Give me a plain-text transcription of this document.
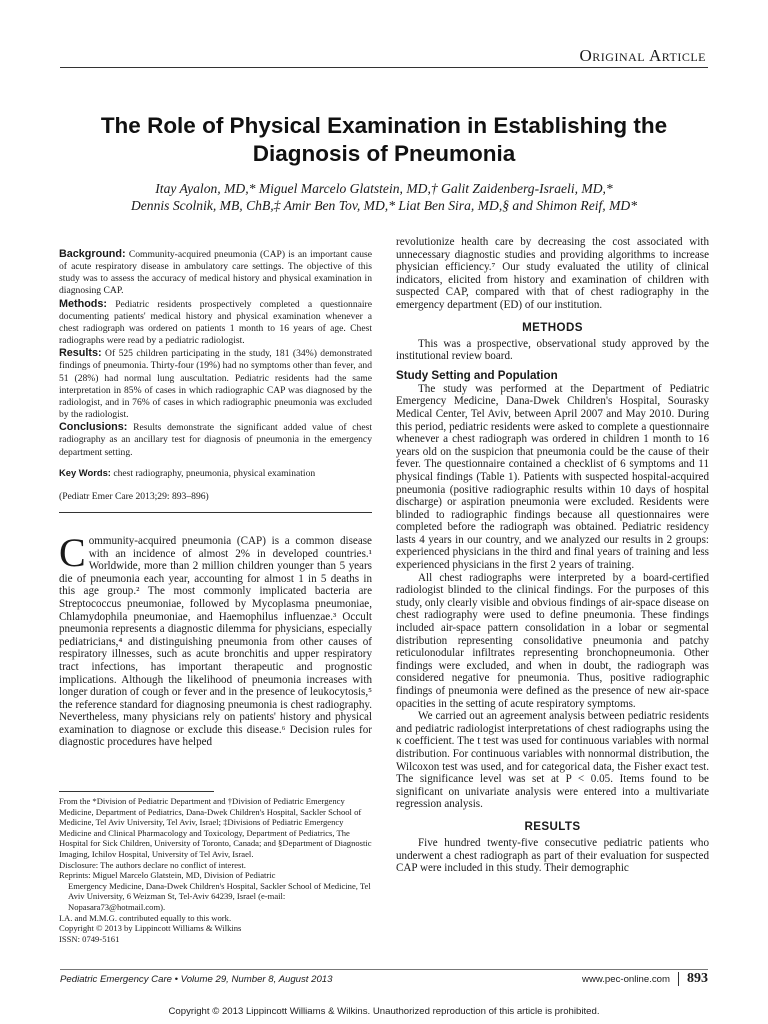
Original Article
The Role of Physical Examination in Establishing the Diagnosis of Pneumonia
Itay Ayalon, MD,* Miguel Marcelo Glatstein, MD,† Galit Zaidenberg-Israeli, MD,*
Dennis Scolnik, MB, ChB,‡ Amir Ben Tov, MD,* Liat Ben Sira, MD,§ and Shimon Reif, MD*

Background: Community-acquired pneumonia (CAP) is an important cause of acute respiratory disease in ambulatory care settings. The objective of this study was to assess the accuracy of medical history and physical examination in diagnosing CAP.

Methods: Pediatric residents prospectively completed a questionnaire documenting patients' medical history and physical examination whenever a chest radiograph was ordered on patients 1 month to 16 years of age. Chest radiographs were read by a pediatric radiologist.

Results: Of 525 children participating in the study, 181 (34%) demonstrated findings of pneumonia. Thirty-four (19%) had no symptoms other than fever, and 51 (28%) had normal lung auscultation. Pediatric residents had the same interpretation in 85% of cases in which radiographic CAP was diagnosed by the radiologist, and in 76% of cases in which radiographic pneumonia was excluded by the radiologist.

Conclusions: Results demonstrate the significant added value of chest radiography as an ancillary test for diagnosis of pneumonia in the emergency department setting.

Key Words: chest radiography, pneumonia, physical examination

(Pediatr Emer Care 2013;29: 893–896)

C ommunity-acquired pneumonia (CAP) is a common disease with an incidence of almost 2% in developed countries.¹ Worldwide, more than 2 million children younger than 5 years die of pneumonia each year, accounting for almost 1 in 5 deaths in this age group.² The most commonly implicated bacteria are Streptococcus pneumoniae, followed by Mycoplasma pneumoniae, Chlamydophila pneumoniae, and Haemophilus influenzae.³ Occult pneumonia represents a diagnostic dilemma for physicians, especially pediatricians,⁴ and distinguishing pneumonia from other causes of respiratory illnesses, such as acute bronchitis and upper respiratory tract infections, has important therapeutic and prognostic implications. Although the likelihood of pneumonia increases with longer duration of cough or fever and in the presence of leukocytosis,⁵ the reference standard for diagnosing pneumonia is chest radiography. Nevertheless, many physicians rely on patients' history and physical examination to diagnose or exclude this disease.⁶ Decision rules for diagnostic procedures have helped

From the *Division of Pediatric Department and †Division of Pediatric Emergency Medicine, Department of Pediatrics, Dana-Dwek Children's Hospital, Sackler School of Medicine, Tel Aviv University, Tel Aviv, Israel; ‡Divisions of Pediatric Emergency Medicine and Clinical Pharmacology and Toxicology, Department of Pediatrics, The Hospital for Sick Children, University of Toronto, Canada; and §Department of Diagnostic Imaging, Ichilov Hospital, University of Tel Aviv, Israel.

Disclosure: The authors declare no conflict of interest.

Reprints: Miguel Marcelo Glatstein, MD, Division of Pediatric

Emergency Medicine, Dana-Dwek Children's Hospital, Sackler School of Medicine, Tel Aviv University, 6 Weizman St, Tel-Aviv 64239, Israel (e-mail: Nopasara73@hotmail.com).

I.A. and M.M.G. contributed equally to this work.

Copyright © 2013 by Lippincott Williams & Wilkins

ISSN: 0749-5161

revolutionize health care by decreasing the cost associated with unnecessary diagnostic studies and providing algorithms to increase physician efficiency.⁷ Our study evaluated the utility of clinical indicators, elicited from history and examination of children with suspected CAP, compared with that of chest radiography in the emergency department (ED) of our institution.

METHODS

This was a prospective, observational study approved by the institutional review board.

Study Setting and Population

The study was performed at the Department of Pediatric Emergency Medicine, Dana-Dwek Children's Hospital, Sourasky Medical Center, Tel Aviv, between April 2007 and May 2010. During this period, pediatric residents were asked to complete a questionnaire whenever a chest radiograph was ordered in children 1 month to 16 years old on the suspicion that pneumonia could be the cause of their fever. The questionnaire contained a checklist of 6 symptoms and 11 physical findings (Table 1). Patients with suspected hospital-acquired pneumonia (positive radiographic results within 10 days of hospital discharge) or aspiration pneumonia were excluded. Residents were blinded to radiographic findings because all questionnaires were completed before the radiograph was obtained. Pediatric residency lasts 4 years in our country, and we analyzed our results in 2 groups: experienced physicians in the third and final years of training and less experienced physicians in the first 2 years of training.

All chest radiographs were interpreted by a board-certified radiologist blinded to the clinical findings. For the purposes of this study, only clearly visible and obvious findings of air-space disease on chest radiography were used to define pneumonia. These findings included air-space pattern consolidation in a lobar or segmental distribution representing consolidative pneumonia and patchy reticulonodular infiltrates representing bronchopneumonia. Other findings were excluded, and when in doubt, the radiograph was considered negative for pneumonia. Thus, positive radiographic findings of pneumonia were defined as the presence of new air-space opacities in the setting of acute respiratory symptoms.

We carried out an agreement analysis between pediatric residents and pediatric radiologist interpretations of chest radiographs using the κ coefficient. The t test was used for continuous variables with normal distribution. For continuous variables with nonnormal distribution, the Wilcoxon test was used, and for categorical data, the Fisher exact test. The significance level was set at P < 0.05. Items found to be significant on univariate analysis were entered into a multivariate regression analysis.

RESULTS

Five hundred twenty-five consecutive pediatric patients who underwent a chest radiograph as part of their evaluation for suspected CAP were included in this study. Their demographic

Pediatric Emergency Care • Volume 29, Number 8, August 2013	www.pec-online.com 893
Copyright © 2013 Lippincott Williams & Wilkins. Unauthorized reproduction of this article is prohibited.
